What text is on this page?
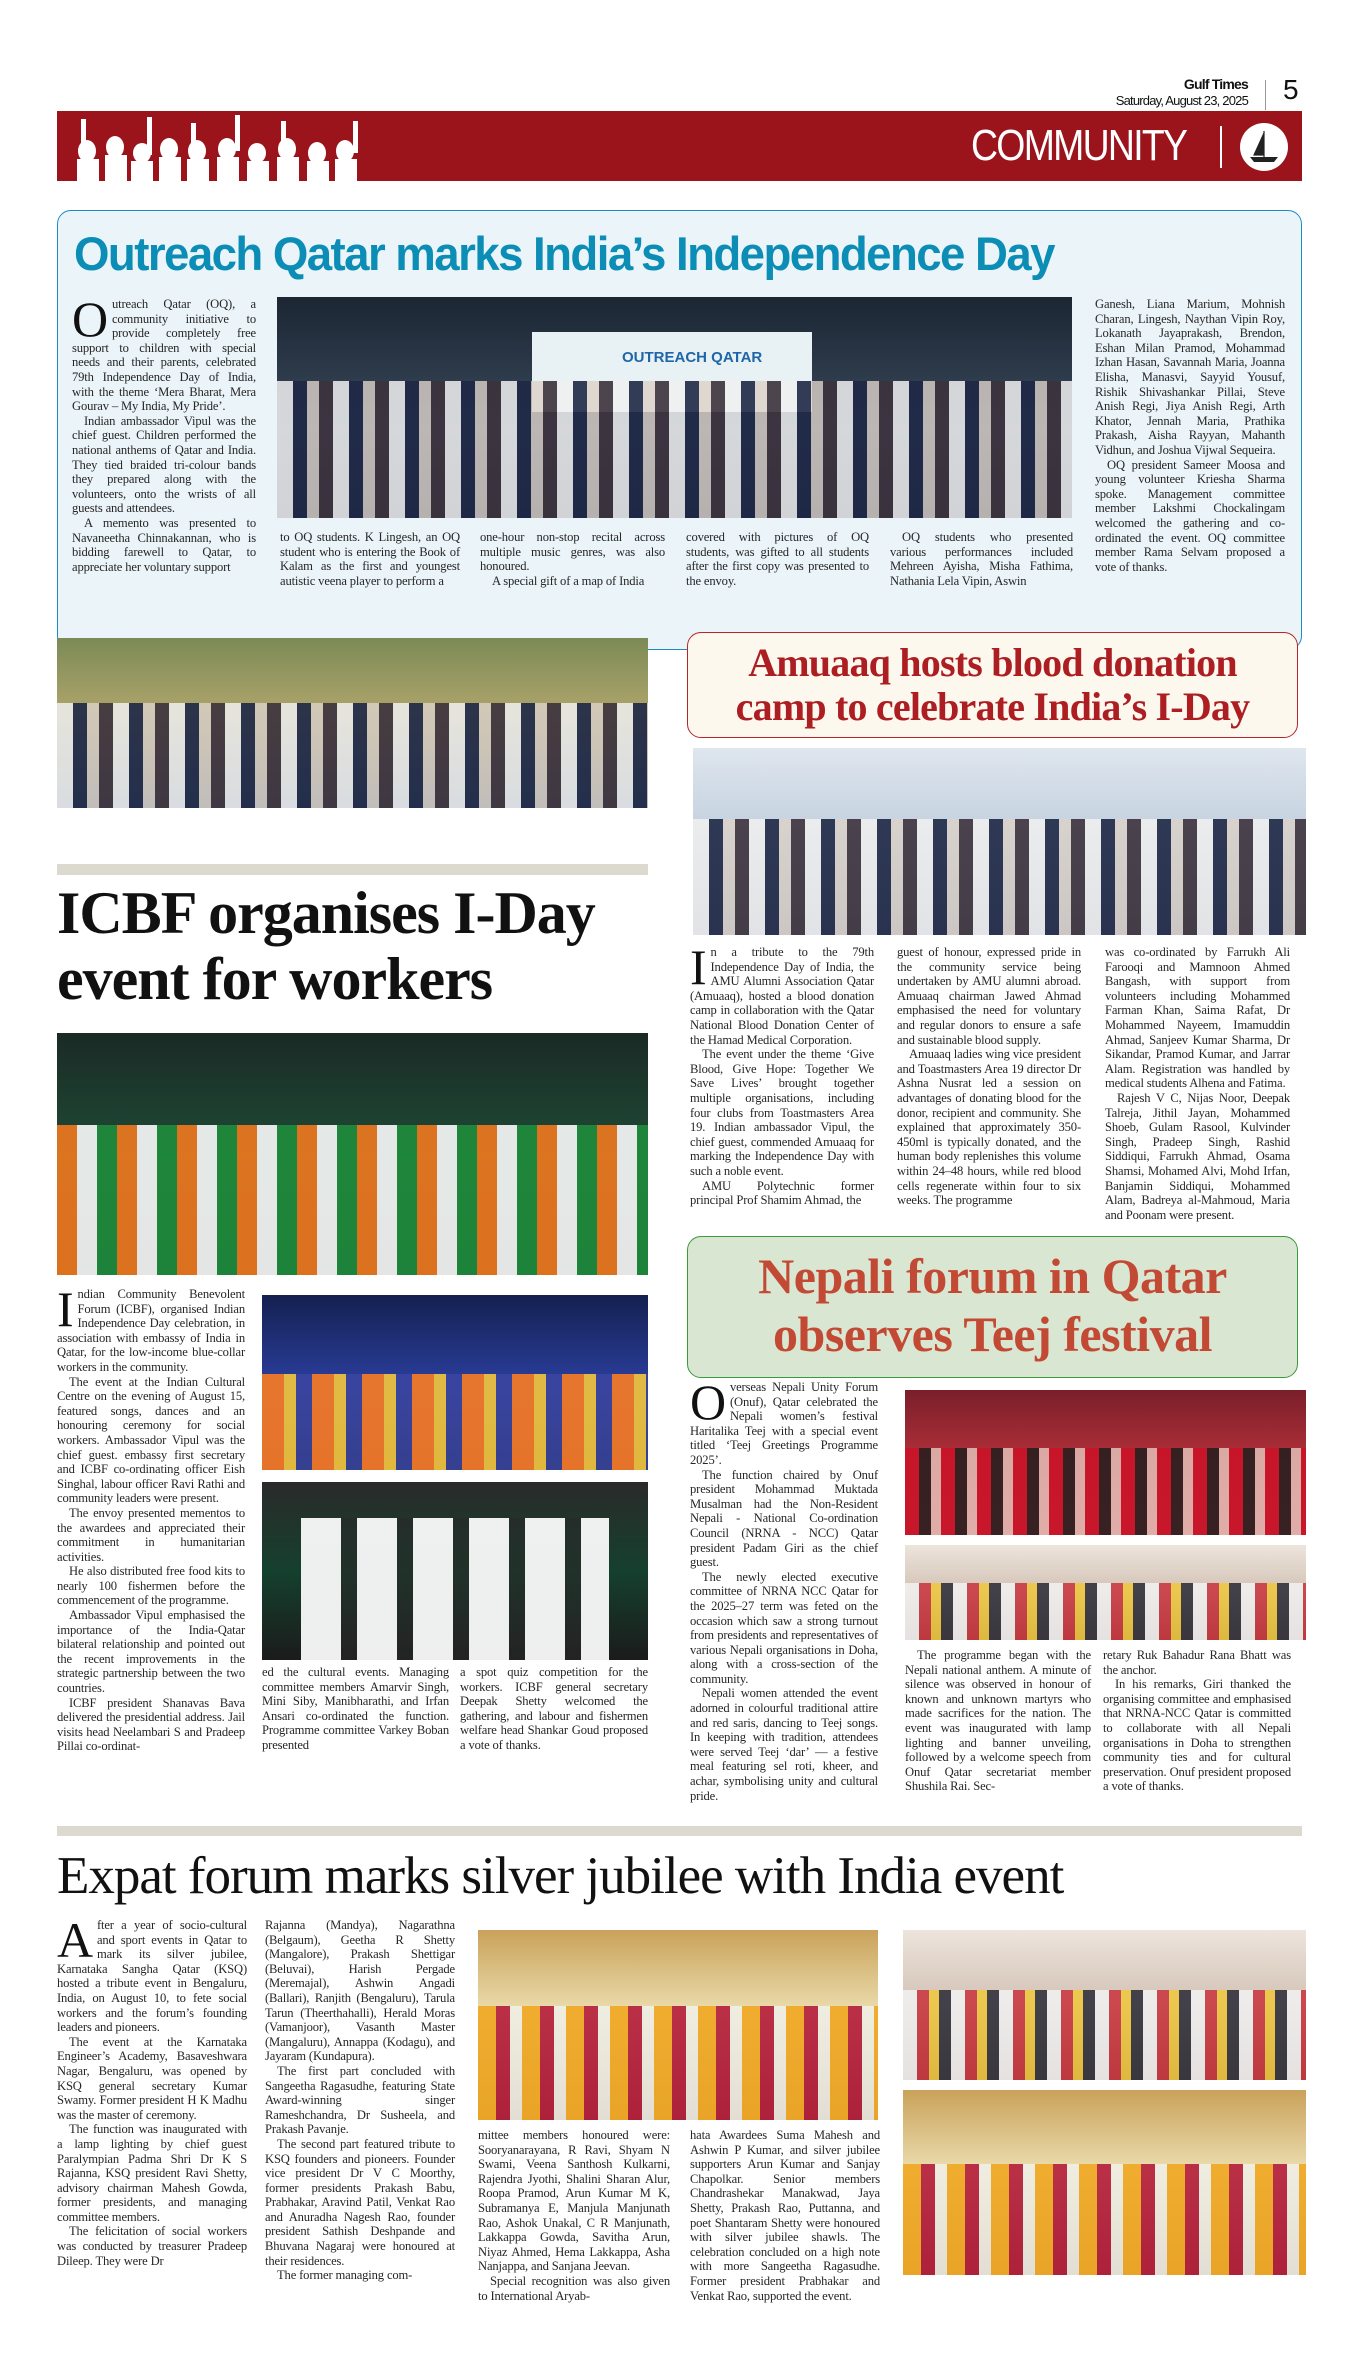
Gulf Times
Saturday, August 23, 2025 5
COMMUNITY
Outreach Qatar marks India’s Independence Day

Outreach Qatar (OQ), a community initiative to provide completely free support to children with special needs and their parents, celebrated 79th Independence Day of India, with the theme ‘Mera Bharat, Mera Gourav – My India, My Pride’.

Indian ambassador Vipul was the chief guest. Children performed the national anthems of Qatar and India. They tied braided tri-colour bands they prepared along with the volunteers, onto the wrists of all guests and attendees.

A memento was presented to Navaneetha Chinnakannan, who is bidding farewell to Qatar, to appreciate her voluntary support

OUTREACH QATAR

to OQ students. K Lingesh, an OQ student who is entering the Book of Kalam as the first and youngest autistic veena player to perform a

one-hour non-stop recital across multiple music genres, was also honoured.

A special gift of a map of India

covered with pictures of OQ students, was gifted to all students after the first copy was presented to the envoy.

OQ students who presented various performances included Mehreen Ayisha, Misha Fathima, Nathania Lela Vipin, Aswin

Ganesh, Liana Marium, Mohnish Charan, Lingesh, Naythan Vipin Roy, Lokanath Jayaprakash, Brendon, Eshan Milan Pramod, Mohammad Izhan Hasan, Savannah Maria, Joanna Elisha, Manasvi, Sayyid Yousuf, Rishik Shivashankar Pillai, Steve Anish Regi, Jiya Anish Regi, Arth Khator, Jennah Maria, Prathika Prakash, Aisha Rayyan, Mahanth Vidhun, and Joshua Vijwal Sequeira.

OQ president Sameer Moosa and young volunteer Kriesha Sharma spoke. Management committee member Lakshmi Chockalingam welcomed the gathering and co-ordinated the event. OQ committee member Rama Selvam proposed a vote of thanks.

ICBF organises I-Day event for workers

Indian Community Benevolent Forum (ICBF), organised Indian Independence Day celebration, in association with embassy of India in Qatar, for the low-income blue-collar workers in the community.

The event at the Indian Cultural Centre on the evening of August 15, featured songs, dances and an honouring ceremony for social workers. Ambassador Vipul was the chief guest. embassy first secretary and ICBF co-ordinating officer Eish Singhal, labour officer Ravi Rathi and community leaders were present.

The envoy presented mementos to the awardees and appreciated their commitment in humanitarian activities.

He also distributed free food kits to nearly 100 fishermen before the commencement of the programme.

Ambassador Vipul emphasised the importance of the India-Qatar bilateral relationship and pointed out the recent improvements in the strategic partnership between the two countries.

ICBF president Shanavas Bava delivered the presidential address. Jail visits head Neelambari S and Pradeep Pillai co-ordinat-

ed the cultural events. Managing committee members Amarvir Singh, Mini Siby, Manibharathi, and Irfan Ansari co-ordinated the function. Programme committee Varkey Boban presented

a spot quiz competition for the workers. ICBF general secretary Deepak Shetty welcomed the gathering, and labour and fishermen welfare head Shankar Goud proposed a vote of thanks.

Amuaaq hosts blood donation
camp to celebrate India’s I-Day

In a tribute to the 79th Independence Day of India, the AMU Alumni Association Qatar (Amuaaq), hosted a blood donation camp in collaboration with the Qatar National Blood Donation Center of the Hamad Medical Corporation.

The event under the theme ‘Give Blood, Give Hope: Together We Save Lives’ brought together multiple organisations, including four clubs from Toastmasters Area 19. Indian ambassador Vipul, the chief guest, commended Amuaaq for marking the Independence Day with such a noble event.

AMU Polytechnic former principal Prof Shamim Ahmad, the

guest of honour, expressed pride in the community service being undertaken by AMU alumni abroad. Amuaaq chairman Jawed Ahmad emphasised the need for voluntary and regular donors to ensure a safe and sustainable blood supply.

Amuaaq ladies wing vice president and Toastmasters Area 19 director Dr Ashna Nusrat led a session on advantages of donating blood for the donor, recipient and community. She explained that approximately 350-450ml is typically donated, and the human body replenishes this volume within 24–48 hours, while red blood cells regenerate within four to six weeks. The programme

was co-ordinated by Farrukh Ali Farooqi and Mamnoon Ahmed Bangash, with support from volunteers including Mohammed Farman Khan, Saima Rafat, Dr Mohammed Nayeem, Imamuddin Ahmad, Sanjeev Kumar Sharma, Dr Sikandar, Pramod Kumar, and Jarrar Alam. Registration was handled by medical students Alhena and Fatima.

Rajesh V C, Nijas Noor, Deepak Talreja, Jithil Jayan, Mohammed Shoeb, Gulam Rasool, Kulvinder Singh, Pradeep Singh, Rashid Siddiqui, Farrukh Ahmad, Osama Shamsi, Mohamed Alvi, Mohd Irfan, Banjamin Siddiqui, Mohammed Alam, Badreya al-Mahmoud, Maria and Poonam were present.

Nepali forum in Qatar
observes Teej festival

Overseas Nepali Unity Forum (Onuf), Qatar celebrated the Nepali women’s festival Haritalika Teej with a special event titled ‘Teej Greetings Programme 2025’.

The function chaired by Onuf president Mohammad Muktada Musalman had the Non-Resident Nepali - National Co-ordination Council (NRNA - NCC) Qatar president Padam Giri as the chief guest.

The newly elected executive committee of NRNA NCC Qatar for the 2025–27 term was feted on the occasion which saw a strong turnout from presidents and representatives of various Nepali organisations in Doha, along with a cross-section of the community.

Nepali women attended the event adorned in colourful traditional attire and red saris, dancing to Teej songs. In keeping with tradition, attendees were served Teej ‘dar’ — a festive meal featuring sel roti, kheer, and achar, symbolising unity and cultural pride.

The programme began with the Nepali national anthem. A minute of silence was observed in honour of known and unknown martyrs who made sacrifices for the nation. The event was inaugurated with lamp lighting and banner unveiling, followed by a welcome speech from Onuf Qatar secretariat member Shushila Rai. Sec-

retary Ruk Bahadur Rana Bhatt was the anchor.

In his remarks, Giri thanked the organising committee and emphasised that NRNA-NCC Qatar is committed to collaborate with all Nepali organisations in Doha to strengthen community ties and for cultural preservation. Onuf president proposed a vote of thanks.

Expat forum marks silver jubilee with India event

After a year of socio-cultural and sport events in Qatar to mark its silver jubilee, Karnataka Sangha Qatar (KSQ) hosted a tribute event in Bengaluru, India, on August 10, to fete social workers and the forum’s founding leaders and pioneers.

The event at the Karnataka Engineer’s Academy, Basaveshwara Nagar, Bengaluru, was opened by KSQ general secretary Kumar Swamy. Former president H K Madhu was the master of ceremony.

The function was inaugurated with a lamp lighting by chief guest Paralympian Padma Shri Dr K S Rajanna, KSQ president Ravi Shetty, advisory chairman Mahesh Gowda, former presidents, and managing committee members.

The felicitation of social workers was conducted by treasurer Pradeep Dileep. They were Dr

Rajanna (Mandya), Nagarathna (Belgaum), Geetha R Shetty (Mangalore), Prakash Shettigar (Beluvai), Harish Pergade (Meremajal), Ashwin Angadi (Ballari), Ranjith (Bengaluru), Tarula Tarun (Theerthahalli), Herald Moras (Vamanjoor), Vasanth Master (Mangaluru), Annappa (Kodagu), and Jayaram (Kundapura).

The first part concluded with Sangeetha Ragasudhe, featuring State Award-winning singer Rameshchandra, Dr Susheela, and Prakash Pavanje.

The second part featured tribute to KSQ founders and pioneers. Founder vice president Dr V C Moorthy, former presidents Prakash Babu, Prabhakar, Aravind Patil, Venkat Rao and Anuradha Nagesh Rao, founder president Sathish Deshpande and Bhuvana Nagaraj were honoured at their residences.

The former managing com-

mittee members honoured were: Sooryanarayana, R Ravi, Shyam N Swami, Veena Santhosh Kulkarni, Rajendra Jyothi, Shalini Sharan Alur, Roopa Pramod, Arun Kumar M K, Subramanya E, Manjula Manjunath Rao, Ashok Unakal, C R Manjunath, Lakkappa Gowda, Savitha Arun, Niyaz Ahmed, Hema Lakkappa, Asha Nanjappa, and Sanjana Jeevan.

Special recognition was also given to International Aryab-

hata Awardees Suma Mahesh and Ashwin P Kumar, and silver jubilee supporters Arun Kumar and Sanjay Chapolkar. Senior members Chandrashekar Manakwad, Jaya Shetty, Prakash Rao, Puttanna, and poet Shantaram Shetty were honoured with silver jubilee shawls. The celebration concluded on a high note with more Sangeetha Ragasudhe. Former president Prabhakar and Venkat Rao, supported the event.
